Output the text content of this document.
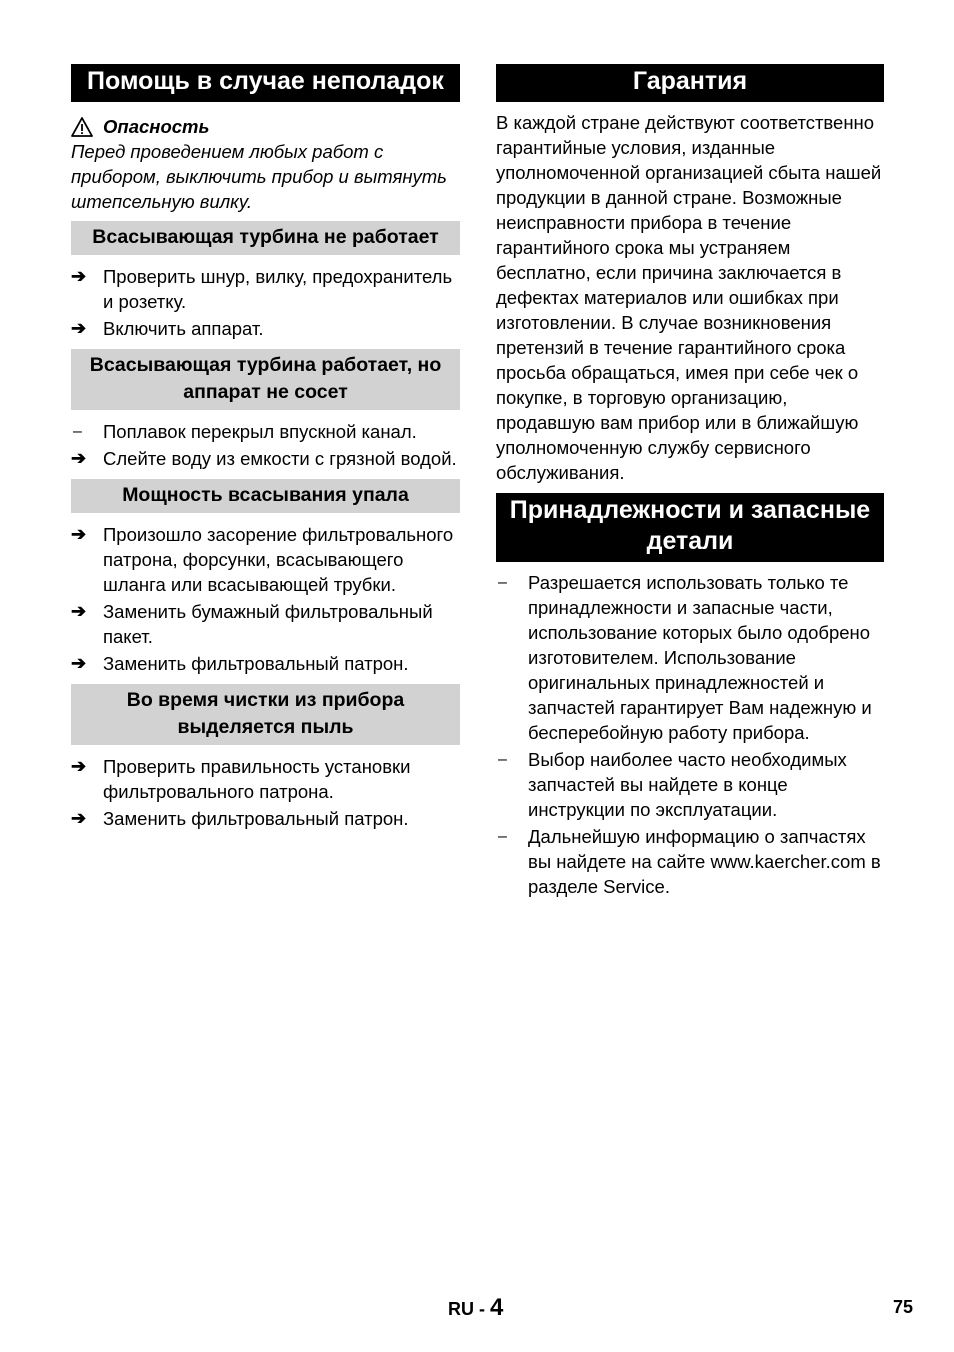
Помощь в случае неполадок
Опасность
Перед проведением любых работ с прибором, выключить прибор и вытянуть штепсельную вилку.
Всасывающая турбина не работает
➔ Проверить шнур, вилку, предохранитель и розетку.
➔ Включить аппарат.
Всасывающая турбина работает, но аппарат не сосет
–	Поплавок перекрыл впускной канал.
➔ Слейте воду из емкости с грязной водой.
Мощность всасывания упала
➔ Произошло засорение фильтровального патрона, форсунки, всасывающего шланга или всасывающей трубки.
➔ Заменить бумажный фильтровальный пакет.
➔ Заменить фильтровальный патрон.
Во время чистки из прибора выделяется пыль
➔ Проверить правильность установки фильтровального патрона.
➔ Заменить фильтровальный патрон.
Гарантия
В каждой стране действуют соответственно гарантийные условия, изданные уполномоченной организацией сбыта нашей продукции в данной стране. Возможные неисправности прибора в течение гарантийного срока мы устраняем бесплатно, если причина заключается в дефектах материалов или ошибках при изготовлении. В случае возникновения претензий в течение гарантийного срока просьба обращаться, имея при себе чек о покупке, в торговую организацию, продавшую вам прибор или в ближайшую уполномоченную службу сервисного обслуживания.
Принадлежности и запасные детали
–	Разрешается использовать только те принадлежности и запасные части, использование которых было одобрено изготовителем. Использование оригинальных принадлежностей и запчастей гарантирует Вам надежную и бесперебойную работу прибора.
–	Выбор наиболее часто необходимых запчастей вы найдете в конце инструкции по эксплуатации.
–	Дальнейшую информацию о запчастях вы найдете на сайте www.kaercher.com в разделе Service.
RU - 4	75
